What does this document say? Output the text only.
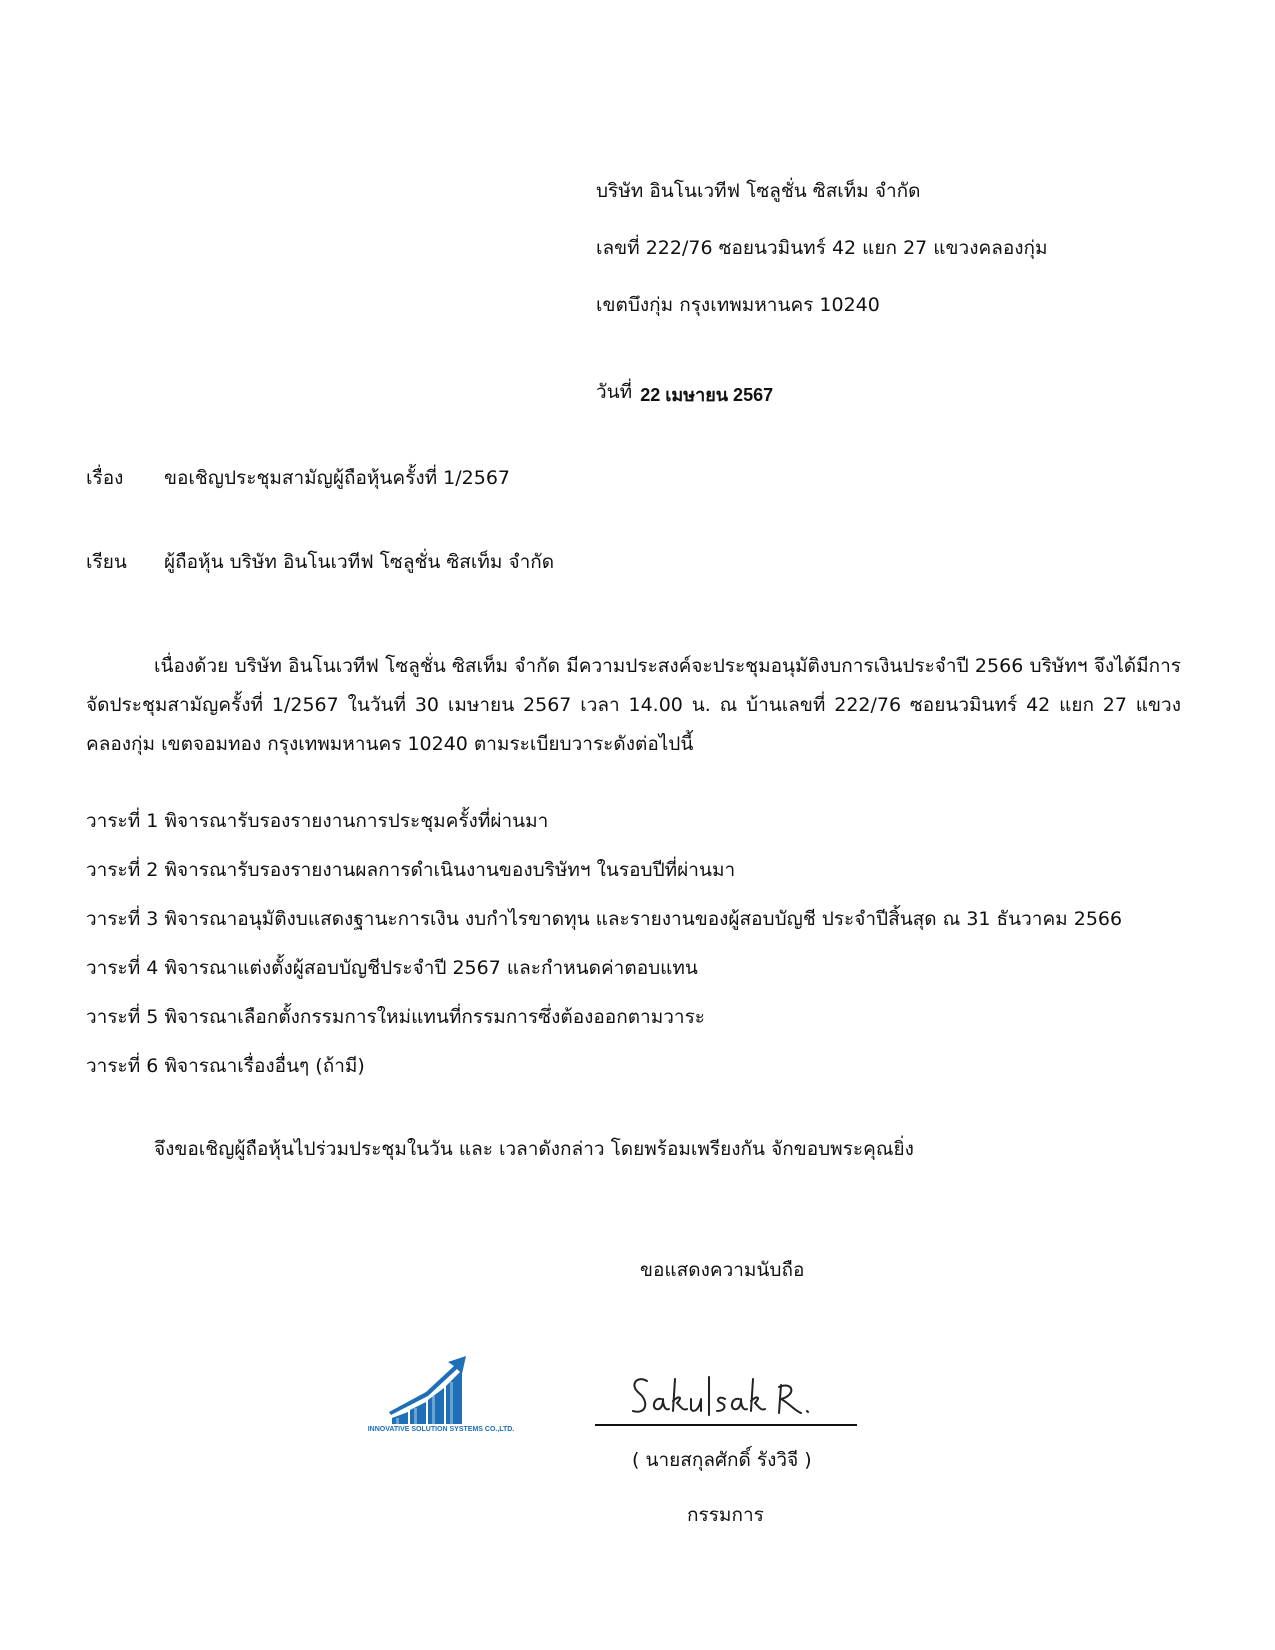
บริษัท อินโนเวทีฟ โซลูชั่น ซิสเท็ม จำกัด
เลขที่ 222/76 ซอยนวมินทร์ 42 แยก 27 แขวงคลองกุ่ม
เขตบึงกุ่ม กรุงเทพมหานคร 10240
วันที่ 22 เมษายน 2567
เรื่อง ขอเชิญประชุมสามัญผู้ถือหุ้นครั้งที่ 1/2567
เรียน ผู้ถือหุ้น บริษัท อินโนเวทีฟ โซลูชั่น ซิสเท็ม จำกัด
เนื่องด้วย บริษัท อินโนเวทีฟ โซลูชั่น ซิสเท็ม จำกัด มีความประสงค์จะประชุมอนุมัติงบการเงินประจำปี 2566 บริษัทฯ จึงได้มีการจัดประชุมสามัญครั้งที่ 1/2567 ในวันที่ 30 เมษายน 2567 เวลา 14.00 น. ณ บ้านเลขที่ 222/76 ซอยนวมินทร์ 42 แยก 27 แขวงคลองกุ่ม เขตจอมทอง กรุงเทพมหานคร 10240 ตามระเบียบวาระดังต่อไปนี้
วาระที่ 1 พิจารณารับรองรายงานการประชุมครั้งที่ผ่านมา
วาระที่ 2 พิจารณารับรองรายงานผลการดำเนินงานของบริษัทฯ ในรอบปีที่ผ่านมา
วาระที่ 3 พิจารณาอนุมัติงบแสดงฐานะการเงิน งบกำไรขาดทุน และรายงานของผู้สอบบัญชี ประจำปีสิ้นสุด ณ 31 ธันวาคม 2566
วาระที่ 4 พิจารณาแต่งตั้งผู้สอบบัญชีประจำปี 2567 และกำหนดค่าตอบแทน
วาระที่ 5 พิจารณาเลือกตั้งกรรมการใหม่แทนที่กรรมการซึ่งต้องออกตามวาระ
วาระที่ 6 พิจารณาเรื่องอื่นๆ (ถ้ามี)
จึงขอเชิญผู้ถือหุ้นไปร่วมประชุมในวัน และ เวลาดังกล่าว โดยพร้อมเพรียงกัน จักขอบพระคุณยิ่ง
ขอแสดงความนับถือ
INNOVATIVE SOLUTION SYSTEMS CO.,LTD.
( นายสกุลศักดิ์ รังวิจี )
กรรมการ
